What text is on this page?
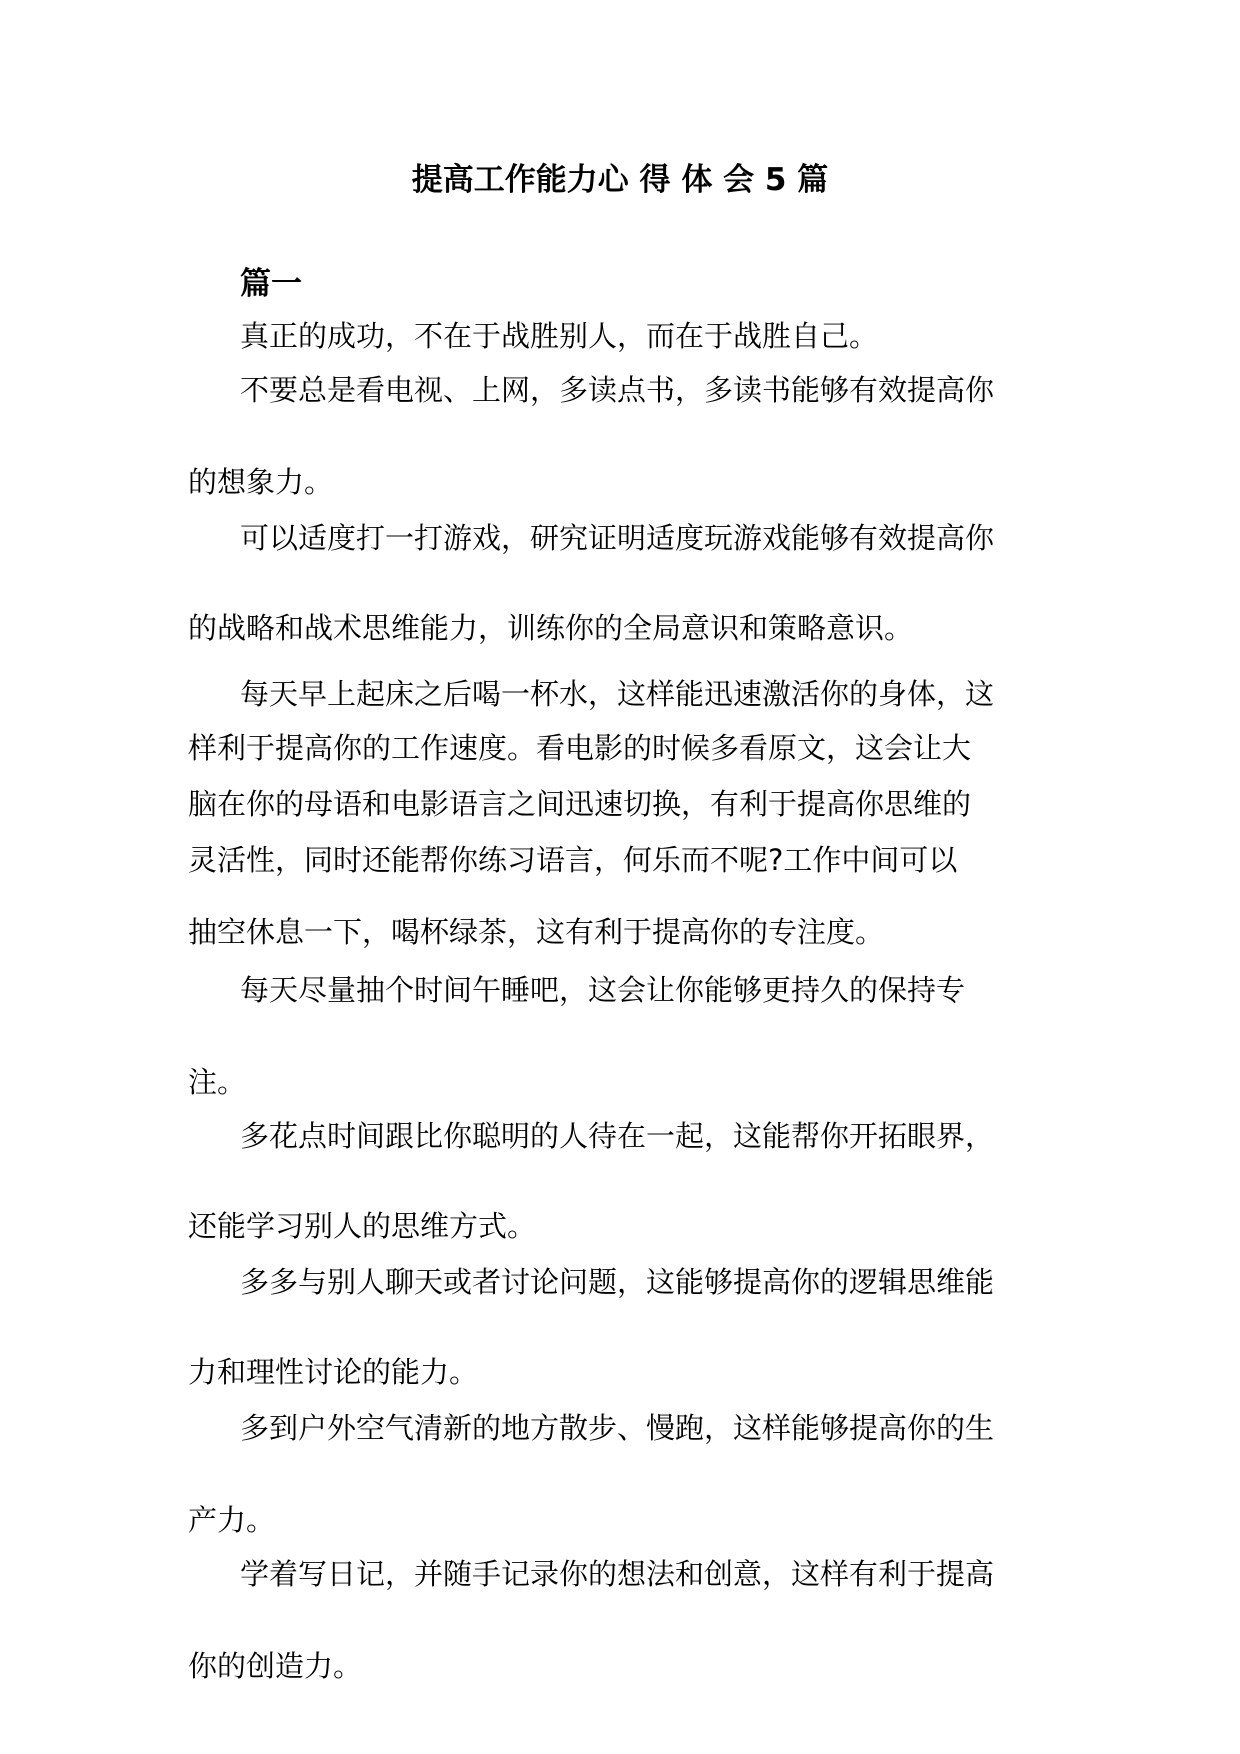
提高工作能力心 得 体 会 5 篇
篇一
真正的成功，不在于战胜别人，而在于战胜自己。
不要总是看电视、上网，多读点书，多读书能够有效提高你
的想象力。
可以适度打一打游戏，研究证明适度玩游戏能够有效提高你
的战略和战术思维能力，训练你的全局意识和策略意识。
每天早上起床之后喝一杯水，这样能迅速激活你的身体，这
样利于提高你的工作速度。看电影的时候多看原文，这会让大
脑在你的母语和电影语言之间迅速切换，有利于提高你思维的
灵活性，同时还能帮你练习语言，何乐而不呢?工作中间可以
抽空休息一下，喝杯绿茶，这有利于提高你的专注度。
每天尽量抽个时间午睡吧，这会让你能够更持久的保持专
注。
多花点时间跟比你聪明的人待在一起，这能帮你开拓眼界，
还能学习别人的思维方式。
多多与别人聊天或者讨论问题，这能够提高你的逻辑思维能
力和理性讨论的能力。
多到户外空气清新的地方散步、慢跑，这样能够提高你的生
产力。
学着写日记，并随手记录你的想法和创意，这样有利于提高
你的创造力。
